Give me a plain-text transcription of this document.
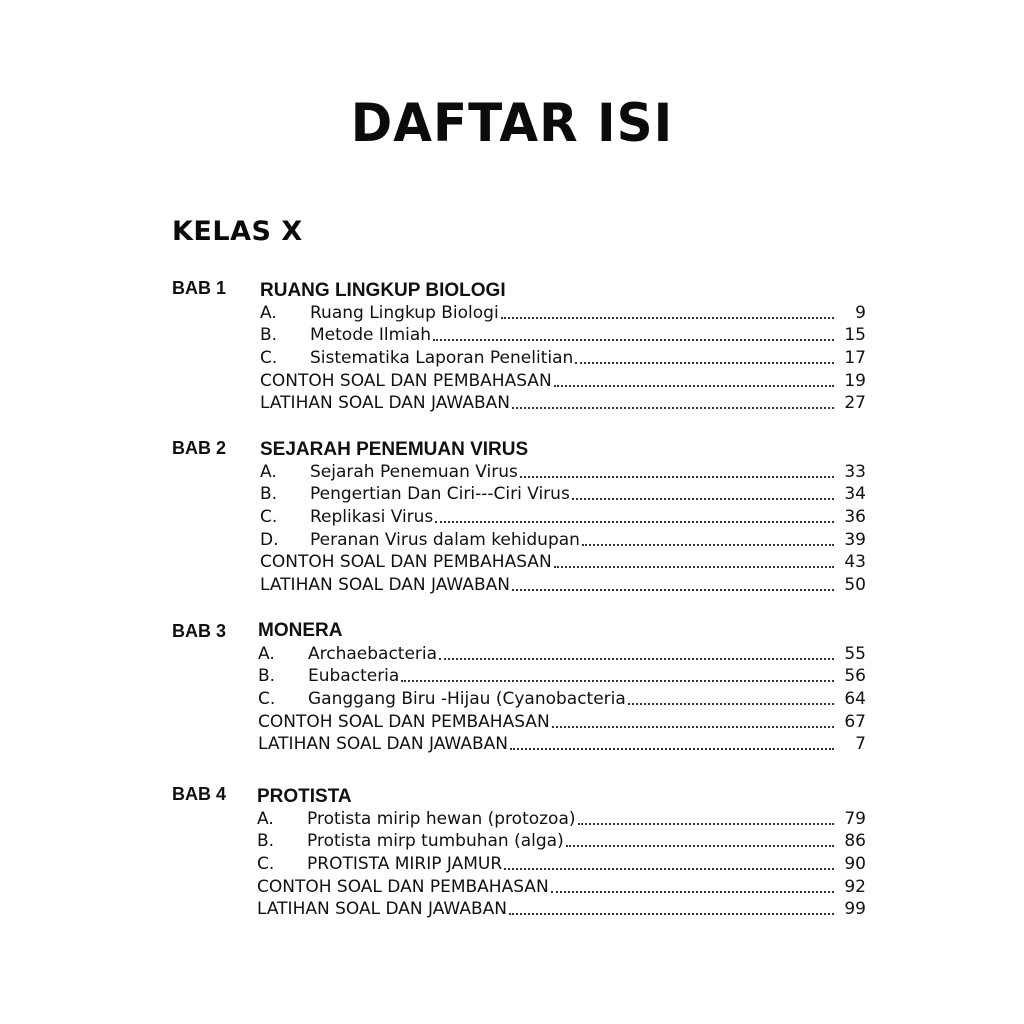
DAFTAR ISI
KELAS X
BAB 1 RUANG LINGKUP BIOLOGI
A.	Ruang Lingkup Biologi	9
B.	Metode Ilmiah	15
C.	Sistematika Laporan Penelitian	17
CONTOH SOAL DAN PEMBAHASAN	19
LATIHAN SOAL DAN JAWABAN	27
BAB 2 SEJARAH PENEMUAN VIRUS
A.	Sejarah Penemuan Virus	33
B.	Pengertian Dan Ciri---Ciri Virus	34
C.	Replikasi Virus	36
D.	Peranan Virus dalam kehidupan	39
CONTOH SOAL DAN PEMBAHASAN	43
LATIHAN SOAL DAN JAWABAN	50
BAB 3 MONERA
A.	Archaebacteria	55
B.	Eubacteria	56
C.	Ganggang Biru -Hijau (Cyanobacteria	64
CONTOH SOAL DAN PEMBAHASAN	67
LATIHAN SOAL DAN JAWABAN	7
BAB 4 PROTISTA
A.	Protista mirip hewan (protozoa)	79
B.	Protista mirp tumbuhan (alga)	86
C.	PROTISTA MIRIP JAMUR	90
CONTOH SOAL DAN PEMBAHASAN	92
LATIHAN SOAL DAN JAWABAN	99
